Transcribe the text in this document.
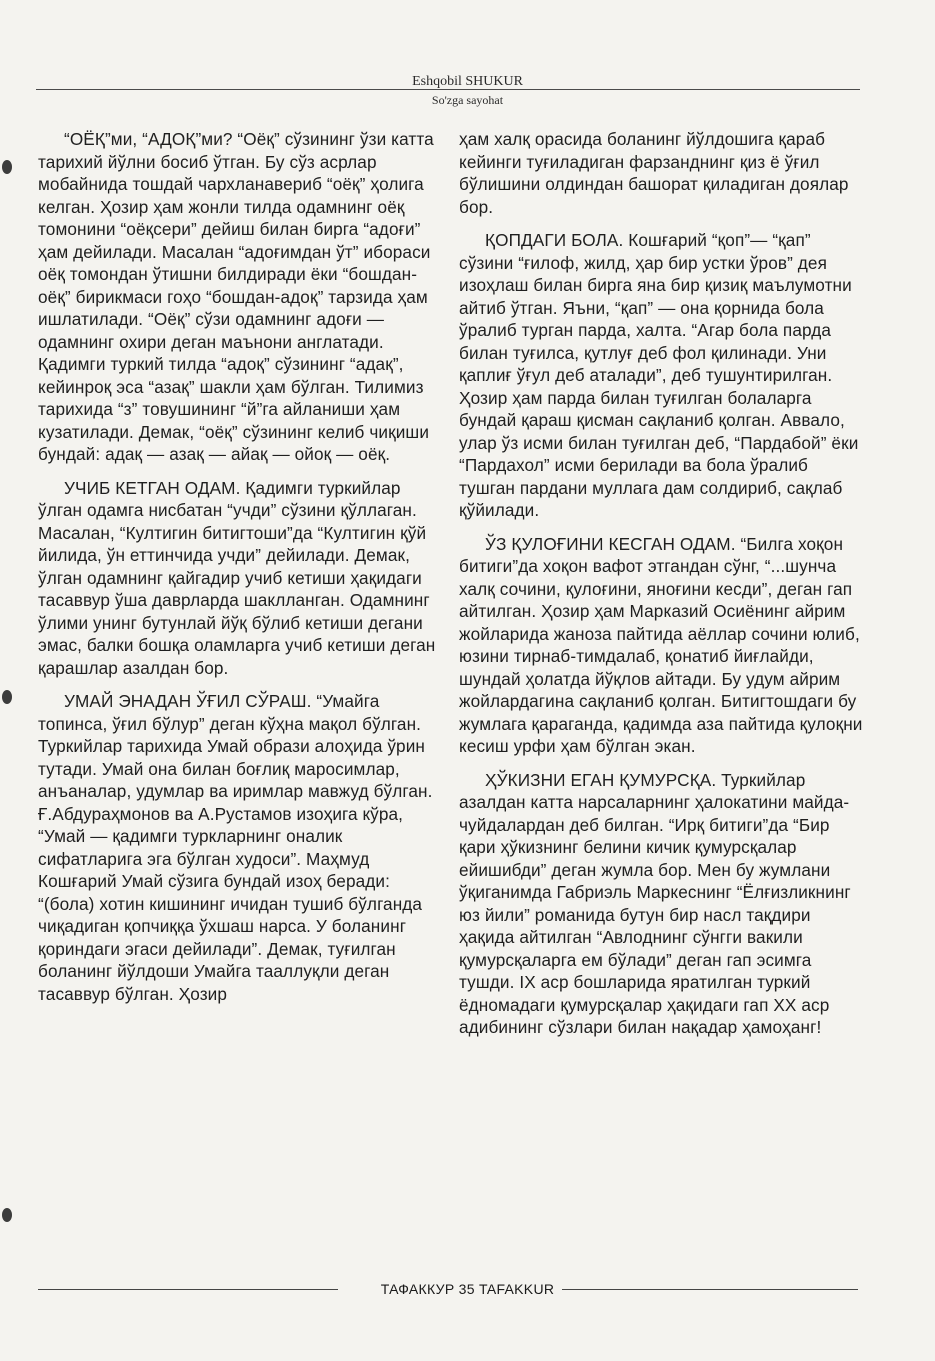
Eshqobil SHUKUR
So'zga sayohat

“ОЁҚ”ми, “АДОҚ”ми? “Оёқ” сўзининг ўзи катта тарихий йўлни босиб ўтган. Бу сўз асрлар мобайнида тошдай чархланавериб “оёқ” ҳолига келган. Ҳозир ҳам жонли тилда одамнинг оёқ томонини “оёқсери” дейиш билан бирга “адоғи” ҳам дейилади. Масалан “адоғимдан ўт” ибораси оёқ томондан ўтишни билдиради ёки “бошдан-оёқ” бирикмаси гоҳо “бошдан-адоқ” тарзида ҳам ишлатилади. “Оёқ” сўзи одамнинг адоғи — одамнинг охири деган маънони англатади. Қадимги туркий тилда “адоқ” сўзининг “адақ”, кейинроқ эса “азақ” шакли ҳам бўлган. Тилимиз тарихида “з” товушининг “й”га айланиши ҳам кузатилади. Демак, “оёқ” сўзининг келиб чиқиши бундай: адақ — азақ — айақ — ойоқ — оёқ.

УЧИБ КЕТГАН ОДАМ. Қадимги туркийлар ўлган одамга нисбатан “учди” сўзини қўллаган. Масалан, “Култигин битигтоши”да “Култигин қўй йилида, ўн еттинчида учди” дейилади. Демак, ўлган одамнинг қайгадир учиб кетиши ҳақидаги тасаввур ўша даврларда шаклланган. Одамнинг ўлими унинг бутунлай йўқ бўлиб кетиши дегани эмас, балки бошқа оламларга учиб кетиши деган қарашлар азалдан бор.

УМАЙ ЭНАДАН ЎҒИЛ СЎРАШ. “Умайга топинса, ўғил бўлур” деган кўҳна мақол бўлган. Туркийлар тарихида Умай образи алоҳида ўрин тутади. Умай она билан боғлиқ маросимлар, анъаналар, удумлар ва иримлар мавжуд бўлган. Ғ.Абдураҳмонов ва А.Рустамов изоҳига кўра, “Умай — қадимги туркларнинг оналик сифатларига эга бўлган худоси”. Маҳмуд Кошғарий Умай сўзига бундай изоҳ беради: “(бола) хотин кишининг ичидан тушиб бўлганда чиқадиган қопчиққа ўхшаш нарса. У боланинг қориндаги эгаси дейилади”. Демак, туғилган боланинг йўлдоши Умайга тааллуқли деган тасаввур бўлган. Ҳозир

ҳам халқ орасида боланинг йўлдошига қараб кейинги туғиладиган фарзанднинг қиз ё ўғил бўлишини олдиндан башорат қиладиган доялар бор.

ҚОПДАГИ БОЛА. Кошғарий “қоп”— “қап” сўзини “ғилоф, жилд, ҳар бир устки ўров” дея изоҳлаш билан бирга яна бир қизиқ маълумотни айтиб ўтган. Яъни, “қап” — она қорнида бола ўралиб турган парда, халта. “Агар бола парда билан туғилса, қутлуғ деб фол қилинади. Уни қаплиғ ўғул деб аталади”, деб тушунтирилган. Ҳозир ҳам парда билан туғилган болаларга бундай қараш қисман сақланиб қолган. Аввало, улар ўз исми билан туғилган деб, “Пардабой” ёки “Пардахол” исми берилади ва бола ўралиб тушган пардани муллага дам солдириб, сақлаб қўйилади.

ЎЗ ҚУЛОҒИНИ КЕСГАН ОДАМ. “Билга хоқон битиги”да хоқон вафот этгандан сўнг, “...шунча халқ сочини, қулоғини, яноғини кесди”, деган гап айтилган. Ҳозир ҳам Марказий Осиёнинг айрим жойларида жаноза пайтида аёллар сочини юлиб, юзини тирнаб-тимдалаб, қонатиб йиғлайди, шундай ҳолатда йўқлов айтади. Бу удум айрим жойлардагина сақланиб қолган. Битигтошдаги бу жумлага қараганда, қадимда аза пайтида қулоқни кесиш урфи ҳам бўлган экан.

ҲЎКИЗНИ ЕГАН ҚУМУРСҚА. Туркийлар азалдан катта нарсаларнинг ҳалокатини майда-чуйдалардан деб билган. “Ирқ битиги”да “Бир қари ҳўкизнинг белини кичик қумурсқалар ейишибди” деган жумла бор. Мен бу жумлани ўқиганимда Габриэль Маркеснинг “Ёлғизликнинг юз йили” романида бутун бир насл тақдири ҳақида айтилган “Авлоднинг сўнгги вакили қумурсқаларга ем бўлади” деган гап эсимга тушди. IX аср бошларида яратилган туркий ёдномадаги қумурсқалар ҳақидаги гап XX аср адибининг сўзлари билан нақадар ҳамоҳанг!

ТАФАККУР 35 TAFAKKUR
